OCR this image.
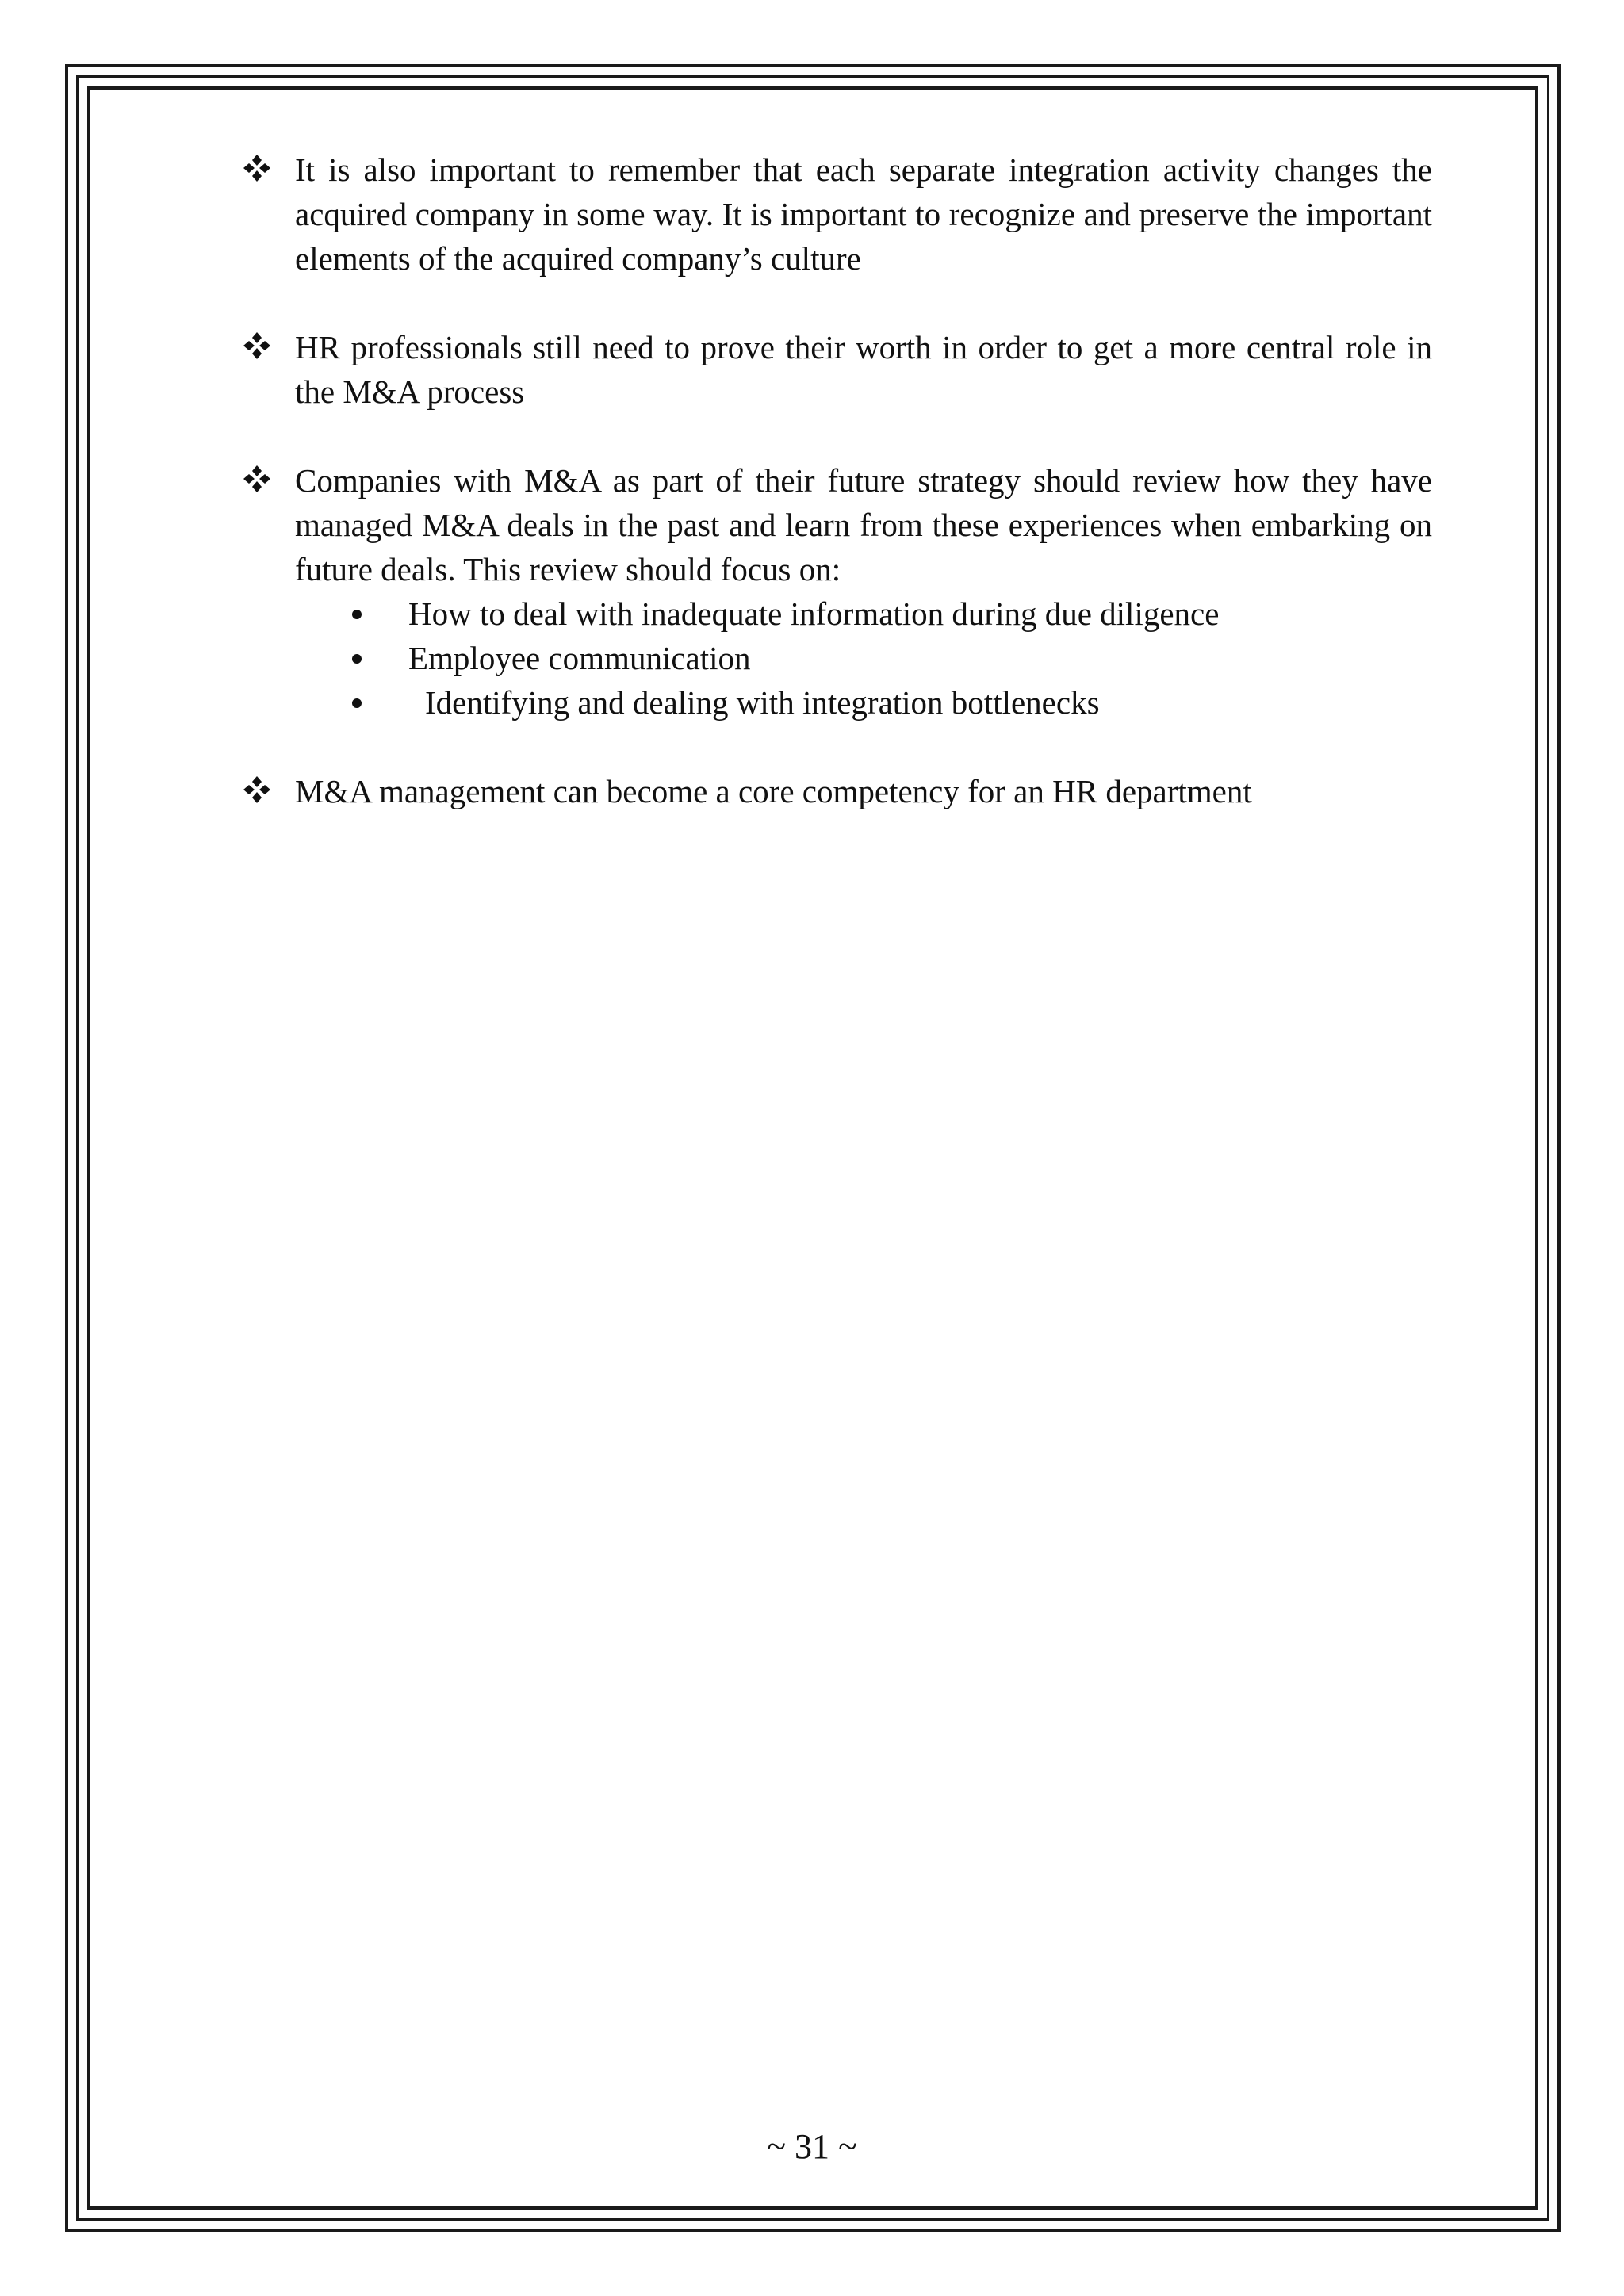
It is also important to remember that each separate integration activity changes the acquired company in some way. It is important to recognize and preserve the important elements of the acquired company’s culture
HR professionals still need to prove their worth in order to get a more central role in the M&A process
Companies with M&A as part of their future strategy should review how they have managed M&A deals in the past and learn from these experiences when embarking on future deals. This review should focus on:
How to deal with inadequate information during due diligence
Employee communication
Identifying and dealing with integration bottlenecks
M&A management can become a core competency for an HR department
~ 31 ~
